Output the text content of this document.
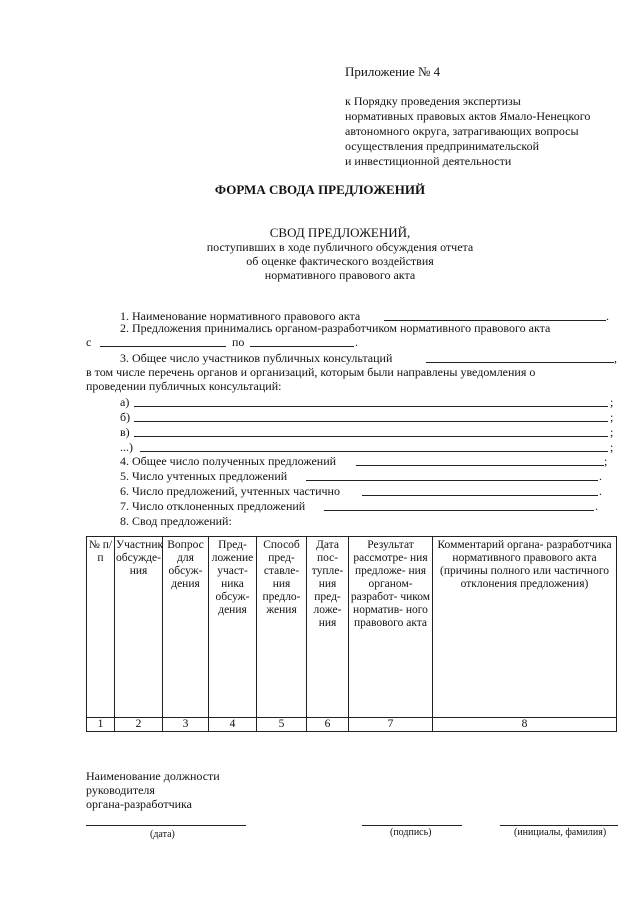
Приложение № 4
к Порядку проведения экспертизы
нормативных правовых актов Ямало-Ненецкого
автономного округа, затрагивающих вопросы
осуществления предпринимательской
и инвестиционной деятельности
ФОРМА СВОДА ПРЕДЛОЖЕНИЙ
СВОД ПРЕДЛОЖЕНИЙ,
поступивших в ходе публичного обсуждения отчета
об оценке фактического воздействия
нормативного правового акта
1. Наименование нормативного правового акта	.
2. Предложения принимались органом-разработчиком нормативного правового акта
с	по	.
3. Общее число участников публичных консультаций	,
в том числе перечень органов и организаций, которым были направлены уведомления о
проведении публичных консультаций:
а)	;
б)	;
в)	;
...)	;
4. Общее число полученных предложений	;
5. Число учтенных предложений	.
6. Число предложений, учтенных частично	.
7. Число отклоненных предложений	.
8. Свод предложений:
№ п/п	Участник обсужде- ния	Вопрос для обсуж- дения	Пред- ложение участ- ника обсуж- дения	Способ пред- ставле- ния предло- жения	Дата пос- тупле- ния пред- ложе- ния	Результат рассмотре- ния предложе- ния органом- разработ- чиком норматив- ного правового акта	Комментарий органа- разработчика нормативного правового акта (причины полного или частичного отклонения предложения)
1	2	3	4	5	6	7	8
Наименование должности
руководителя
органа-разработчика
(дата)	(подпись)	(инициалы, фамилия)
